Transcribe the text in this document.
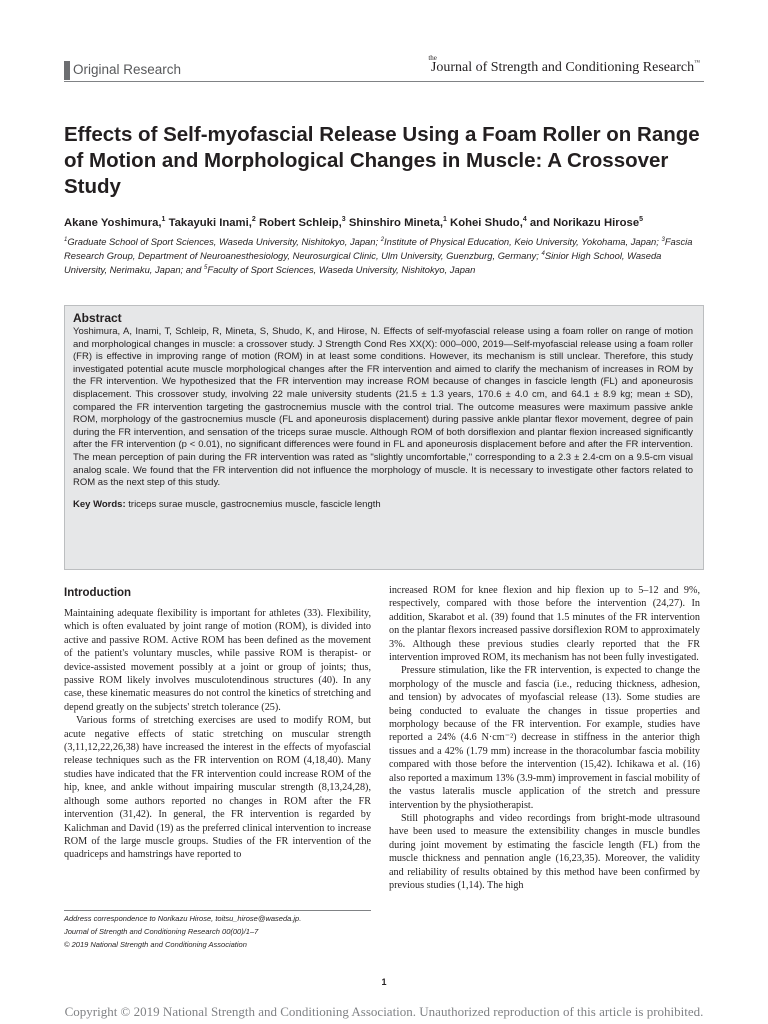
Original Research
$^{the}$Journal of Strength and Conditioning Research™
Effects of Self-myofascial Release Using a Foam Roller on Range of Motion and Morphological Changes in Muscle: A Crossover Study
Akane Yoshimura,$^1$ Takayuki Inami,$^2$ Robert Schleip,$^3$ Shinshiro Mineta,$^1$ Kohei Shudo,$^4$ and Norikazu Hirose$^5$
$^1$Graduate School of Sport Sciences, Waseda University, Nishitokyo, Japan; $^2$Institute of Physical Education, Keio University, Yokohama, Japan; $^3$Fascia Research Group, Department of Neuroanesthesiology, Neurosurgical Clinic, Ulm University, Guenzburg, Germany; $^4$Sinior High School, Waseda University, Nerimaku, Japan; and $^5$Faculty of Sport Sciences, Waseda University, Nishitokyo, Japan
Abstract

Yoshimura, A, Inami, T, Schleip, R, Mineta, S, Shudo, K, and Hirose, N. Effects of self-myofascial release using a foam roller on range of motion and morphological changes in muscle: a crossover study. J Strength Cond Res XX(X): 000–000, 2019—Self-myofascial release using a foam roller (FR) is effective in improving range of motion (ROM) in at least some conditions. However, its mechanism is still unclear. Therefore, this study investigated potential acute muscle morphological changes after the FR intervention and aimed to clarify the mechanism of increases in ROM by the FR intervention. We hypothesized that the FR intervention may increase ROM because of changes in fascicle length (FL) and aponeurosis displacement. This crossover study, involving 22 male university students (21.5 ± 1.3 years, 170.6 ± 4.0 cm, and 64.1 ± 8.9 kg; mean ± SD), compared the FR intervention targeting the gastrocnemius muscle with the control trial. The outcome measures were maximum passive ankle ROM, morphology of the gastrocnemius muscle (FL and aponeurosis displacement) during passive ankle plantar flexor movement, degree of pain during the FR intervention, and sensation of the triceps surae muscle. Although ROM of both dorsiflexion and plantar flexion increased significantly after the FR intervention (p < 0.01), no significant differences were found in FL and aponeurosis displacement before and after the FR intervention. The mean perception of pain during the FR intervention was rated as "slightly uncomfortable," corresponding to a 2.3 ± 2.4-cm on a 9.5-cm visual analog scale. We found that the FR intervention did not influence the morphology of muscle. It is necessary to investigate other factors related to ROM as the next step of this study.

Key Words: triceps surae muscle, gastrocnemius muscle, fascicle length
Introduction

Maintaining adequate flexibility is important for athletes (33). Flexibility, which is often evaluated by joint range of motion (ROM), is divided into active and passive ROM. Active ROM has been defined as the movement of the patient's voluntary muscles, while passive ROM is therapist- or device-assisted movement possibly at a joint or group of joints; thus, passive ROM likely involves musculotendinous structures (40). In any case, these kinematic measures do not control the kinetics of stretching and depend greatly on the subjects' stretch tolerance (25).

Various forms of stretching exercises are used to modify ROM, but acute negative effects of static stretching on muscular strength (3,11,12,22,26,38) have increased the interest in the effects of myofascial release techniques such as the FR intervention on ROM (4,18,40). Many studies have indicated that the FR intervention could increase ROM of the hip, knee, and ankle without impairing muscular strength (8,13,24,28), although some authors reported no changes in ROM after the FR intervention (31,42). In general, the FR intervention is regarded by Kalichman and David (19) as the preferred clinical intervention to increase ROM of the large muscle groups. Studies of the FR intervention of the quadriceps and hamstrings have reported to

increased ROM for knee flexion and hip flexion up to 5–12 and 9%, respectively, compared with those before the intervention (24,27). In addition, Skarabot et al. (39) found that 1.5 minutes of the FR intervention on the plantar flexors increased passive dorsiflexion ROM to approximately 3%. Although these previous studies clearly reported that the FR intervention improved ROM, its mechanism has not been fully investigated.

Pressure stimulation, like the FR intervention, is expected to change the morphology of the muscle and fascia (i.e., reducing thickness, adhesion, and tension) by advocates of myofascial release (13). Some studies are being conducted to evaluate the changes in tissue properties and morphology because of the FR intervention. For example, studies have reported a 24% (4.6 N·cm⁻²) decrease in stiffness in the anterior thigh tissues and a 42% (1.79 mm) increase in the thoracolumbar fascia mobility compared with those before the intervention (15,42). Ichikawa et al. (16) also reported a maximum 13% (3.9-mm) improvement in fascial mobility of the vastus lateralis muscle application of the stretch and pressure intervention by the physiotherapist.

Still photographs and video recordings from bright-mode ultrasound have been used to measure the extensibility changes in muscle bundles during joint movement by estimating the fascicle length (FL) from the muscle thickness and pennation angle (16,23,35). Moreover, the validity and reliability of results obtained by this method have been confirmed by previous studies (1,14). The high

Address correspondence to Norikazu Hirose, toitsu_hirose@waseda.jp.
Journal of Strength and Conditioning Research 00(00)/1–7
© 2019 National Strength and Conditioning Association
1
Copyright © 2019 National Strength and Conditioning Association. Unauthorized reproduction of this article is prohibited.
